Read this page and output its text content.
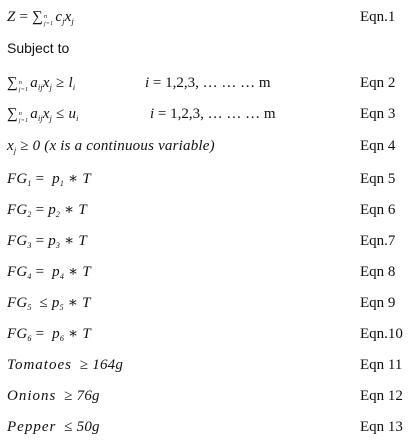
Z = ∑ n
j=1 $c_jx_j$	Eqn.1
Subject to
∑ n
j=1 $a_{ij}x_j \ge l_i$	i = 1,2,3, … … … m	Eqn 2
∑ n
j=1 $a_{ij}x_j \le u_i$	i = 1,2,3, … … … m	Eqn 3
$x_j \ge 0$ (x is a continuous variable)	Eqn 4
$FG_1 = p_1$ ∗ T	Eqn 5
$FG_2 = p_2$ ∗ T	Eqn 6
$FG_3 = p_3$ ∗ T	Eqn.7
$FG_4 = p_4$ ∗ T	Eqn 8
$FG_5 \le p_5$ ∗ T	Eqn 9
$FG_6 = p_6$ ∗ T	Eqn.10
Tomatoes ≥ 164g	Eqn 11
Onions ≥ 76g	Eqn 12
Pepper ≤ 50g	Eqn 13
